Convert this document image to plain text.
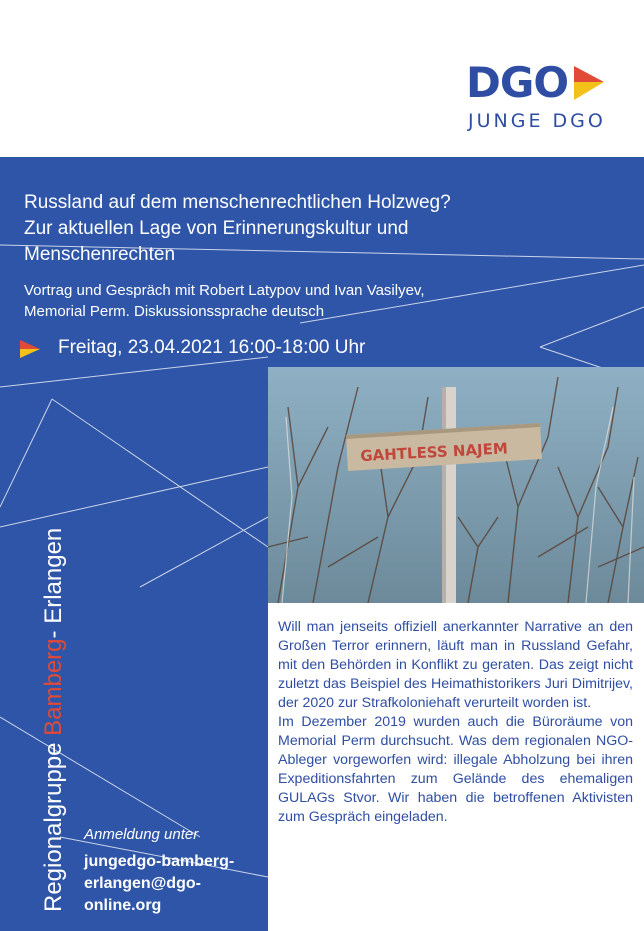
DGO
JUNGE DGO
Russland auf dem menschenrechtlichen Holzweg?
Zur aktuellen Lage von Erinnerungskultur und
Menschenrechten
Vortrag und Gespräch mit Robert Latypov und Ivan Vasilyev,
Memorial Perm. Diskussionssprache deutsch
Freitag, 23.04.2021 16:00-18:00 Uhr
GAHTLESS NAJEM
Regionalgruppe Bamberg- Erlangen
Anmeldung unter
jungedgo-bamberg-
erlangen@dgo-
online.org

Will man jenseits offiziell anerkannter Narrative an den Großen Terror erinnern, läuft man in Russland Gefahr, mit den Behörden in Konflikt zu geraten. Das zeigt nicht zuletzt das Beispiel des Heimathistorikers Juri Dimitrijev, der 2020 zur Strafkoloniehaft verurteilt worden ist.

Im Dezember 2019 wurden auch die Büroräume von Memorial Perm durchsucht. Was dem regionalen NGO-Ableger vorgeworfen wird: illegale Abholzung bei ihren Expeditionsfahrten zum Gelände des ehemaligen GULAGs Stvor. Wir haben die betroffenen Aktivisten zum Gespräch eingeladen.
